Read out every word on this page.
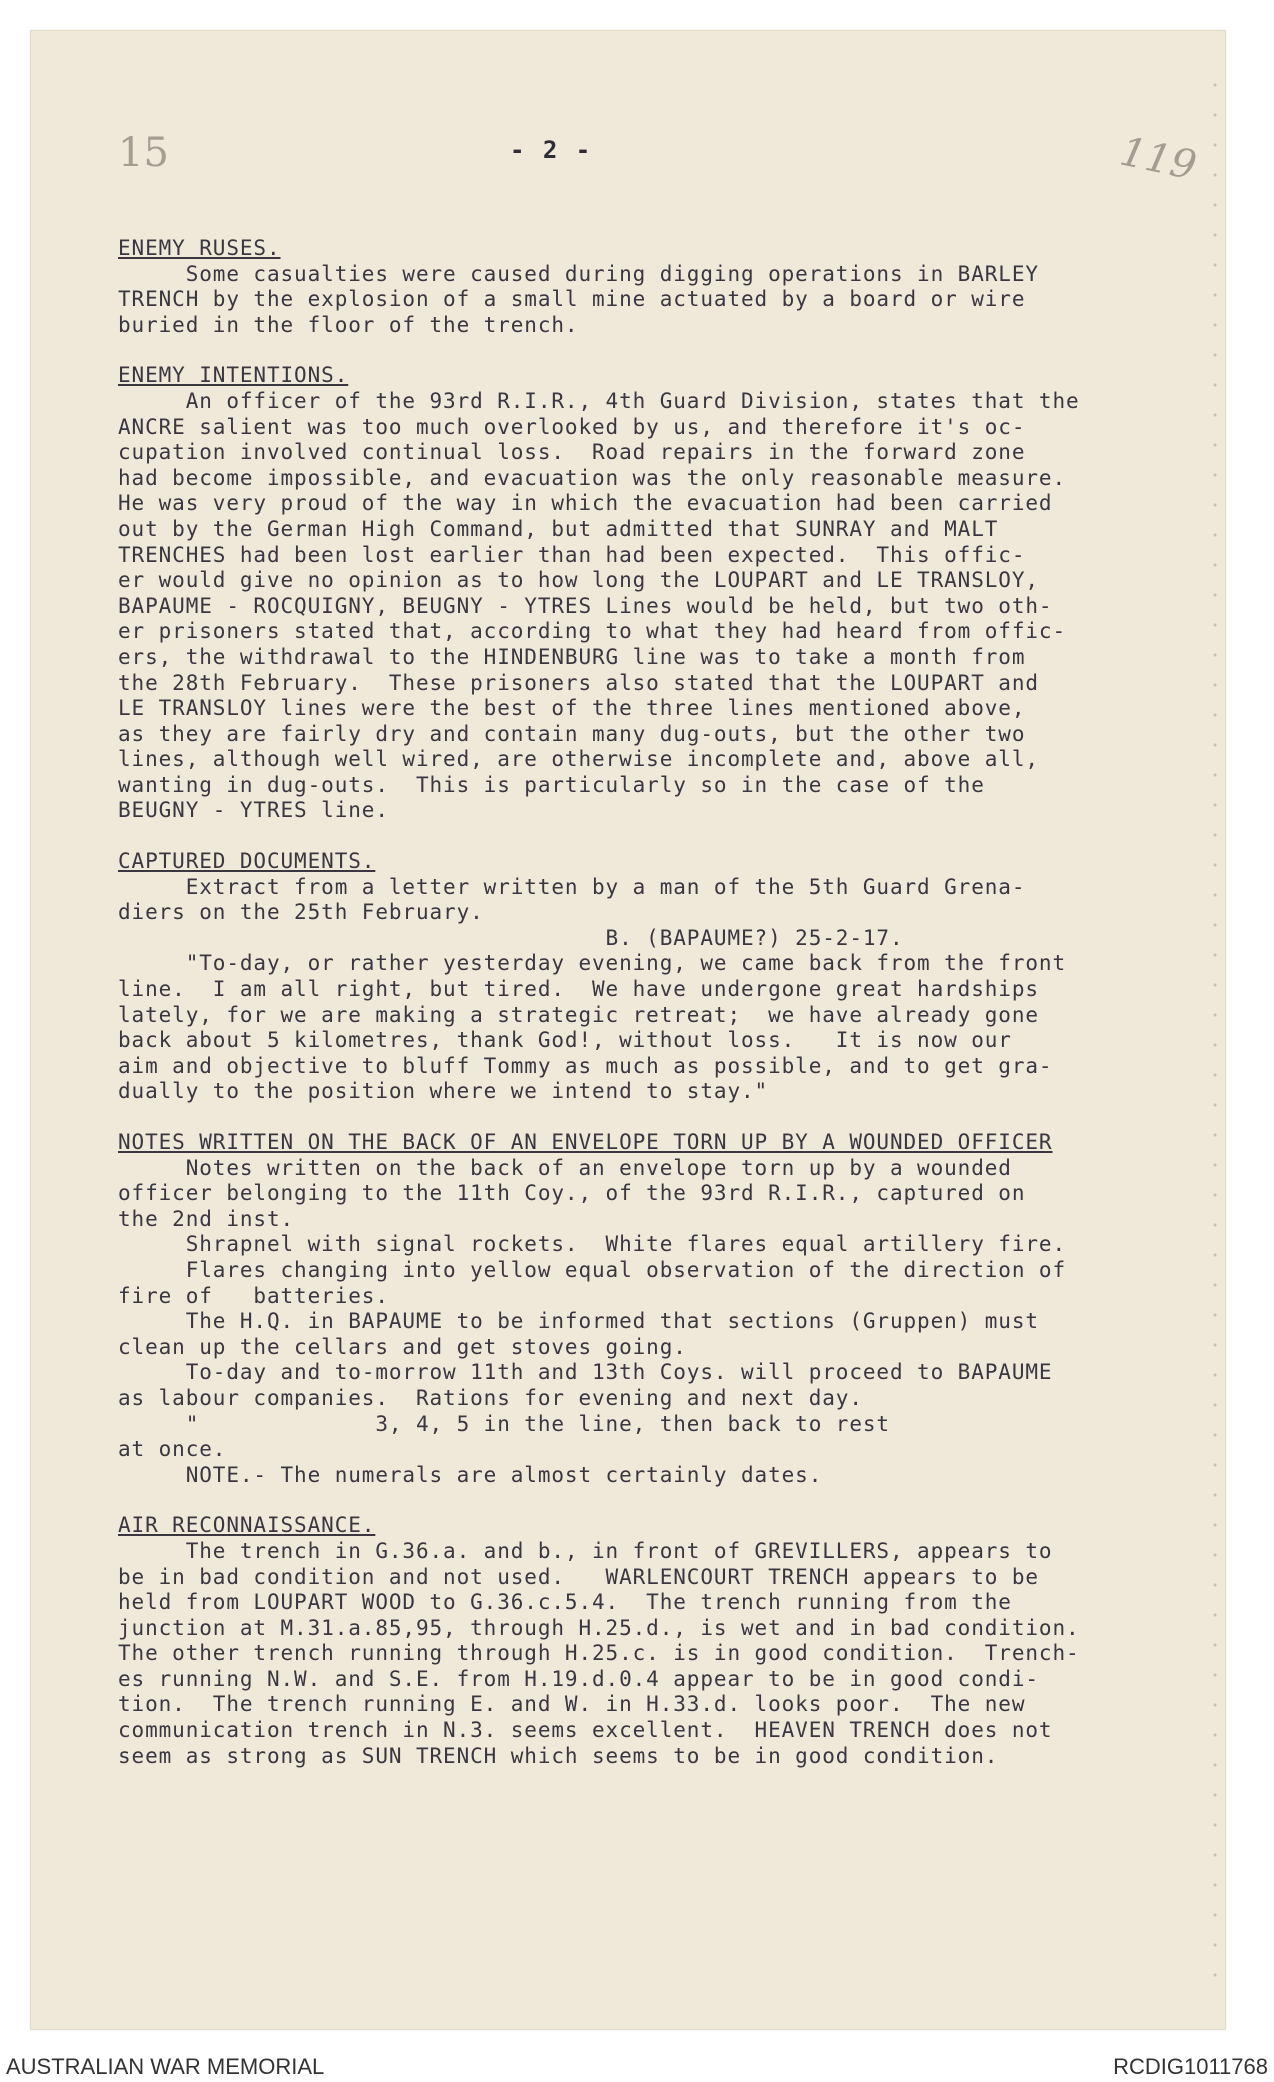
15	- 2 -	119
ENEMY RUSES.
Some casualties were caused during digging operations in BARLEY
TRENCH by the explosion of a small mine actuated by a board or wire
buried in the floor of the trench.
ENEMY INTENTIONS.
An officer of the 93rd R.I.R., 4th Guard Division, states that the
ANCRE salient was too much overlooked by us, and therefore it's oc-
cupation involved continual loss.  Road repairs in the forward zone
had become impossible, and evacuation was the only reasonable measure.
He was very proud of the way in which the evacuation had been carried
out by the German High Command, but admitted that SUNRAY and MALT
TRENCHES had been lost earlier than had been expected.  This offic-
er would give no opinion as to how long the LOUPART and LE TRANSLOY,
BAPAUME - ROCQUIGNY, BEUGNY - YTRES Lines would be held, but two oth-
er prisoners stated that, according to what they had heard from offic-
ers, the withdrawal to the HINDENBURG line was to take a month from
the 28th February.  These prisoners also stated that the LOUPART and
LE TRANSLOY lines were the best of the three lines mentioned above,
as they are fairly dry and contain many dug-outs, but the other two
lines, although well wired, are otherwise incomplete and, above all,
wanting in dug-outs.  This is particularly so in the case of the
BEUGNY - YTRES line.
CAPTURED DOCUMENTS.
Extract from a letter written by a man of the 5th Guard Grena-
diers on the 25th February.
B. (BAPAUME?) 25-2-17.
"To-day, or rather yesterday evening, we came back from the front
line.  I am all right, but tired.  We have undergone great hardships
lately, for we are making a strategic retreat;  we have already gone
back about 5 kilometres, thank God!, without loss.   It is now our
aim and objective to bluff Tommy as much as possible, and to get gra-
dually to the position where we intend to stay."
NOTES WRITTEN ON THE BACK OF AN ENVELOPE TORN UP BY A WOUNDED OFFICER
Notes written on the back of an envelope torn up by a wounded
officer belonging to the 11th Coy., of the 93rd R.I.R., captured on
the 2nd inst.
Shrapnel with signal rockets.  White flares equal artillery fire.
Flares changing into yellow equal observation of the direction of
fire of   batteries.
The H.Q. in BAPAUME to be informed that sections (Gruppen) must
clean up the cellars and get stoves going.
To-day and to-morrow 11th and 13th Coys. will proceed to BAPAUME
as labour companies.  Rations for evening and next day.
"             3, 4, 5 in the line, then back to rest
at once.
NOTE.- The numerals are almost certainly dates.
AIR RECONNAISSANCE.
The trench in G.36.a. and b., in front of GREVILLERS, appears to
be in bad condition and not used.   WARLENCOURT TRENCH appears to be
held from LOUPART WOOD to G.36.c.5.4.  The trench running from the
junction at M.31.a.85,95, through H.25.d., is wet and in bad condition.
The other trench running through H.25.c. is in good condition.  Trench-
es running N.W. and S.E. from H.19.d.0.4 appear to be in good condi-
tion.  The trench running E. and W. in H.33.d. looks poor.  The new
communication trench in N.3. seems excellent.  HEAVEN TRENCH does not
seem as strong as SUN TRENCH which seems to be in good condition.
AUSTRALIAN WAR MEMORIAL	RCDIG1011768
